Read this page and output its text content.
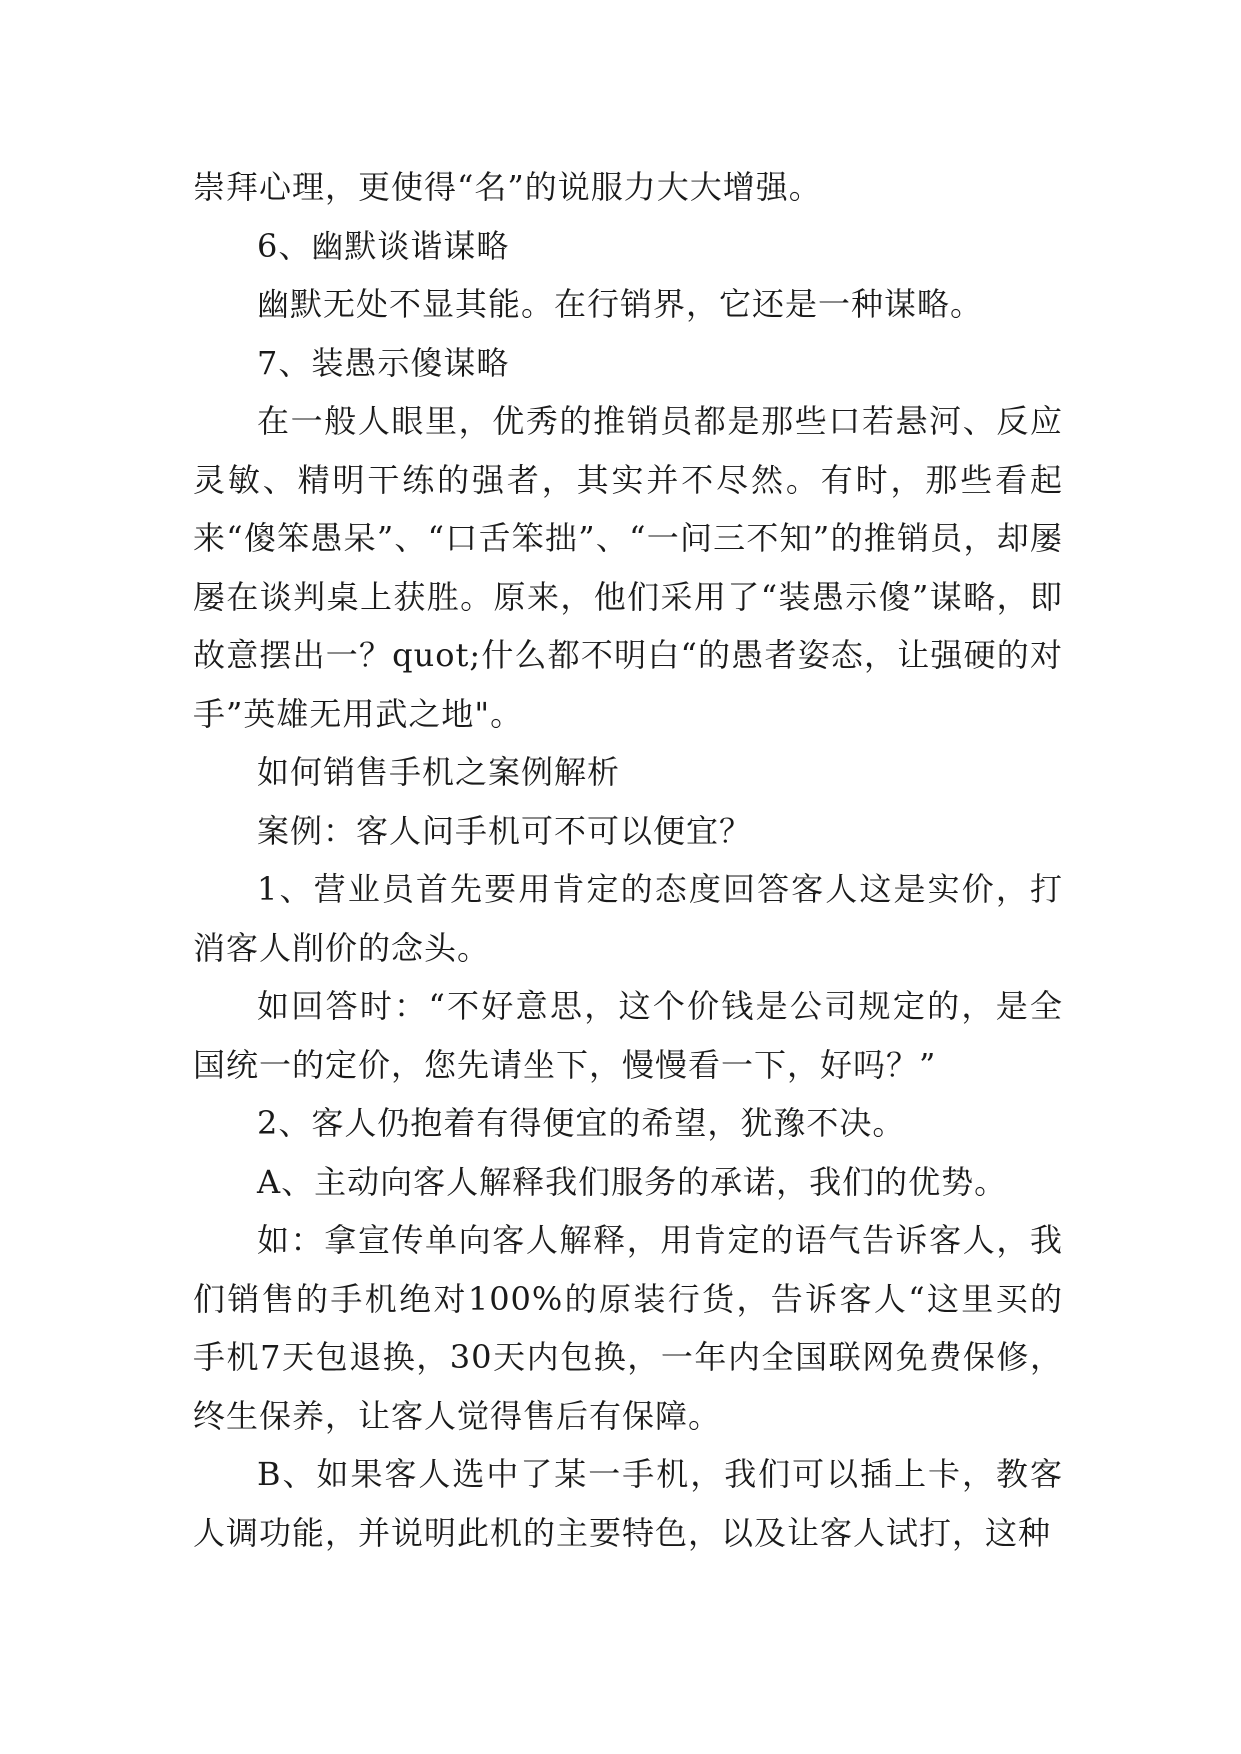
崇拜心理，更使得“名”的说服力大大增强。

6、幽默谈谐谋略

幽默无处不显其能。在行销界，它还是一种谋略。

7、装愚示傻谋略

在一般人眼里，优秀的推销员都是那些口若悬河、反应灵敏、精明干练的强者，其实并不尽然。有时，那些看起来“傻笨愚呆”、“口舌笨拙”、“一问三不知”的推销员，却屡屡在谈判桌上获胜。原来，他们采用了“装愚示傻”谋略，即故意摆出一？quot;什么都不明白“的愚者姿态，让强硬的对手”英雄无用武之地"。

如何销售手机之案例解析

案例：客人问手机可不可以便宜？

1、营业员首先要用肯定的态度回答客人这是实价，打消客人削价的念头。

如回答时：“不好意思，这个价钱是公司规定的，是全国统一的定价，您先请坐下，慢慢看一下，好吗？”

2、客人仍抱着有得便宜的希望，犹豫不决。

A、主动向客人解释我们服务的承诺，我们的优势。

如：拿宣传单向客人解释，用肯定的语气告诉客人，我们销售的手机绝对100%的原装行货，告诉客人“这里买的手机7天包退换，30天内包换，一年内全国联网免费保修，终生保养，让客人觉得售后有保障。

B、如果客人选中了某一手机，我们可以插上卡，教客人调功能，并说明此机的主要特色，以及让客人试打，这种
